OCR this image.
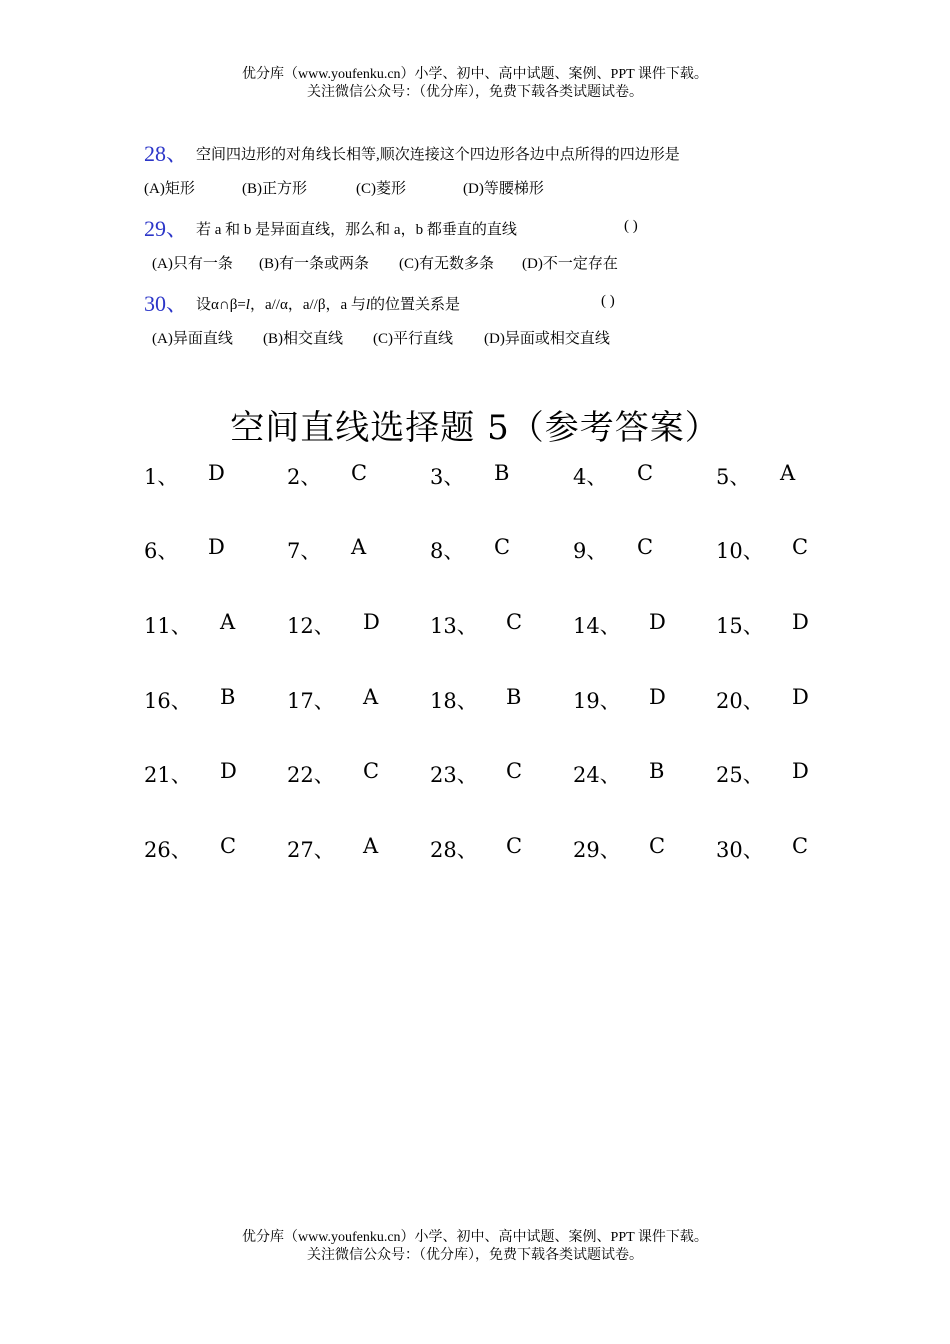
优分库（www.youfenku.cn）小学、初中、高中试题、案例、PPT 课件下载。
关注微信公众号：（优分库），免费下载各类试题试卷。
28、 空间四边形的对角线长相等,顺次连接这个四边形各边中点所得的四边形是
(A)矩形	(B)正方形	(C)菱形	(D)等腰梯形
29、 若 a 和 b 是异面直线，那么和 a，b 都垂直的直线	( )
(A)只有一条 (B)有一条或两条 (C)有无数多条 (D)不一定存在
30、 设α∩β=l，a//α，a//β，a 与l的位置关系是	( )
(A)异面直线 (B)相交直线 (C)平行直线 (D)异面或相交直线
空间直线选择题 5（参考答案）
1、 D	2、 C	3、 B	4、 C	5、 A
6、 D	7、 A	8、 C	9、 C	10、 C
11、 A 12、 D 13、 C 14、 D 15、 D
16、 B 17、 A 18、 B 19、 D 20、 D
21、 D 22、 C 23、 C 24、 B 25、 D
26、 C 27、 A 28、 C 29、 C 30、 C
优分库（www.youfenku.cn）小学、初中、高中试题、案例、PPT 课件下载。
关注微信公众号：（优分库），免费下载各类试题试卷。
